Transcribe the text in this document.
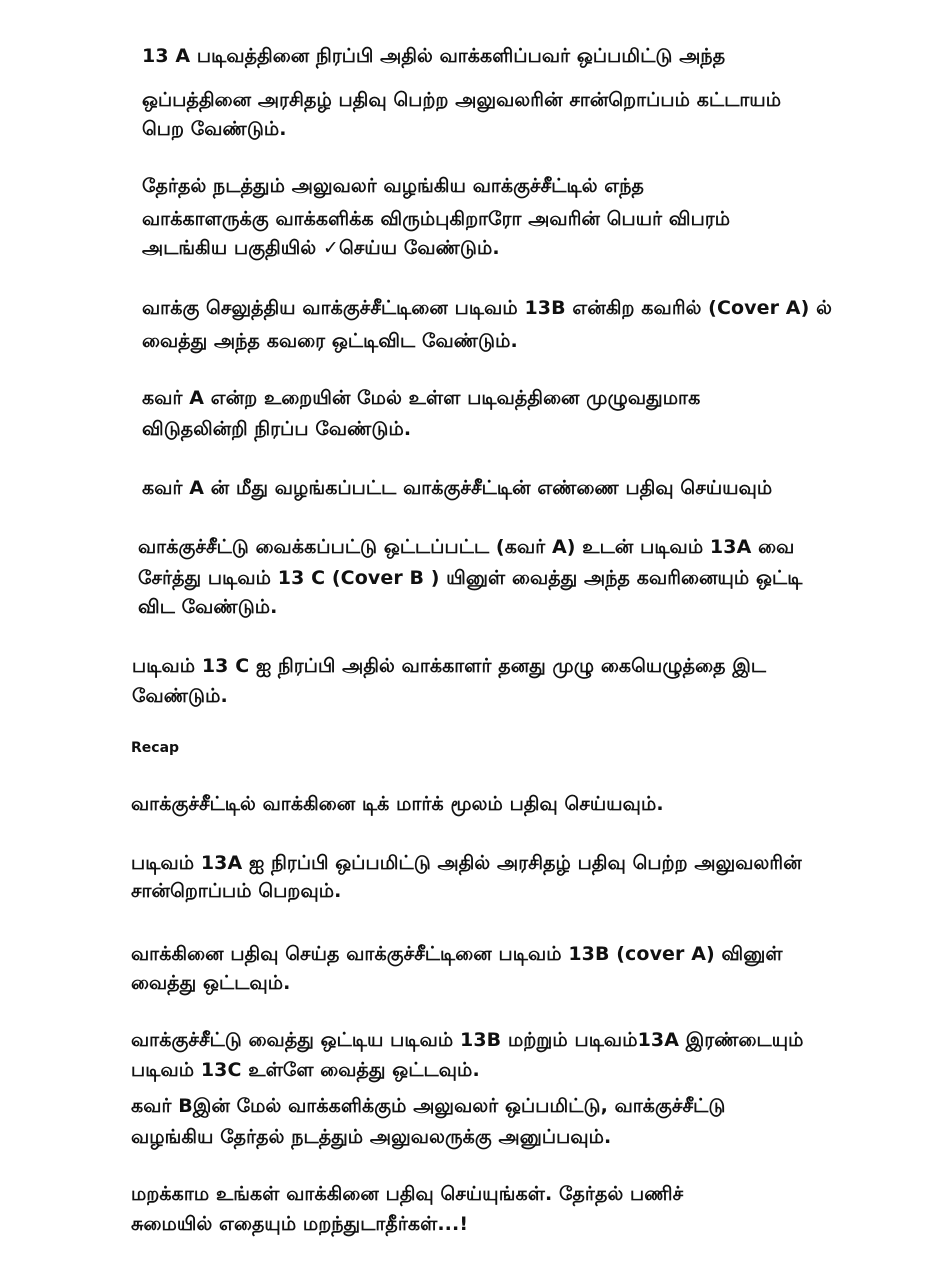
13 A படிவத்தினை நிரப்பி அதில் வாக்களிப்பவர் ஒப்பமிட்டு அந்த
ஒப்பத்தினை அரசிதழ் பதிவு பெற்ற அலுவலரின் சான்றொப்பம் கட்டாயம்
பெற வேண்டும்.
தேர்தல் நடத்தும் அலுவலர் வழங்கிய வாக்குச்சீட்டில் எந்த
வாக்காளருக்கு வாக்களிக்க விரும்புகிறாரோ அவரின் பெயர் விபரம்
அடங்கிய பகுதியில் ✓செய்ய வேண்டும்.
வாக்கு செலுத்திய வாக்குச்சீட்டினை படிவம் 13B என்கிற கவரில் (Cover A) ல்
வைத்து அந்த கவரை ஒட்டிவிட வேண்டும்.
கவர் A என்ற உறையின் மேல் உள்ள படிவத்தினை முழுவதுமாக
விடுதலின்றி நிரப்ப வேண்டும்.
கவர் A ன் மீது வழங்கப்பட்ட வாக்குச்சீட்டின் எண்ணை பதிவு செய்யவும்
வாக்குச்சீட்டு வைக்கப்பட்டு ஒட்டப்பட்ட (கவர் A) உடன் படிவம் 13A வை
சேர்த்து படிவம் 13 C (Cover B ) யினுள் வைத்து அந்த கவரினையும் ஒட்டி
விட வேண்டும்.
படிவம் 13 C ஐ நிரப்பி அதில் வாக்காளர் தனது முழு கையெழுத்தை இட
வேண்டும்.
Recap
வாக்குச்சீட்டில் வாக்கினை டிக் மார்க் மூலம் பதிவு செய்யவும்.
படிவம் 13A ஐ நிரப்பி ஒப்பமிட்டு அதில் அரசிதழ் பதிவு பெற்ற அலுவலரின்
சான்றொப்பம் பெறவும்.
வாக்கினை பதிவு செய்த வாக்குச்சீட்டினை படிவம் 13B (cover A) வினுள்
வைத்து ஒட்டவும்.
வாக்குச்சீட்டு வைத்து ஒட்டிய படிவம் 13B மற்றும் படிவம்13A இரண்டையும்
படிவம் 13C உள்ளே வைத்து ஒட்டவும்.
கவர் Bஇன் மேல் வாக்களிக்கும் அலுவலர் ஒப்பமிட்டு, வாக்குச்சீட்டு
வழங்கிய தேர்தல் நடத்தும் அலுவலருக்கு அனுப்பவும்.
மறக்காம உங்கள் வாக்கினை பதிவு செய்யுங்கள். தேர்தல் பணிச்
சுமையில் எதையும் மறந்துடாதீர்கள்...!
